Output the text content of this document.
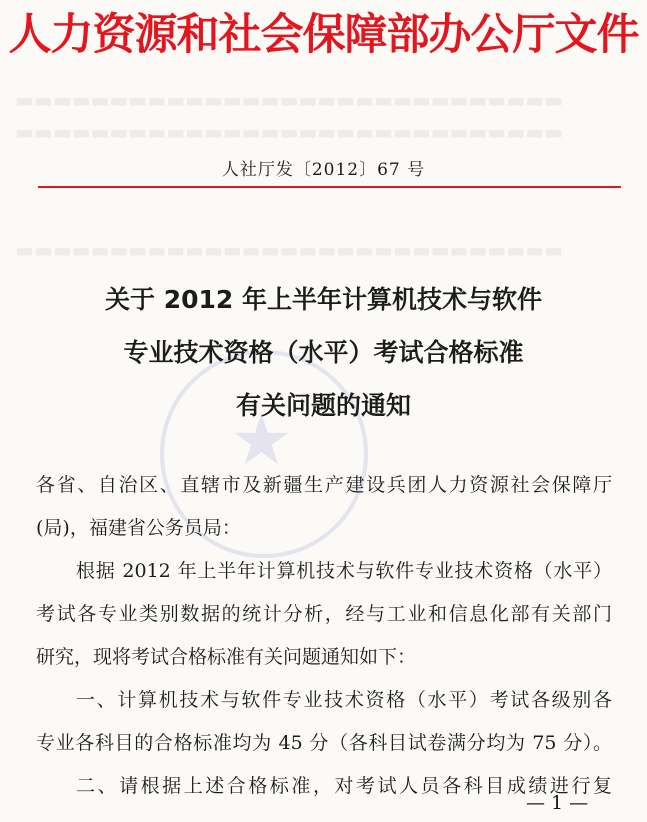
▬▬▬▬▬▬▬▬▬▬▬▬▬▬▬▬▬▬▬▬▬▬▬▬▬▬▬▬▬
▬▬▬▬▬▬▬▬▬▬▬▬▬▬▬▬▬▬▬▬▬▬▬▬▬▬▬▬▬
▬▬▬▬▬▬▬▬▬▬▬▬▬▬▬▬▬▬▬▬▬▬▬▬▬▬▬▬▬
人力资源和社会保障部办公厅文件
人社厅发〔2012〕67 号
★
关于 2012 年上半年计算机技术与软件
专业技术资格（水平）考试合格标准
有关问题的通知
各省、自治区、直辖市及新疆生产建设兵团人力资源社会保障厅
(局)，福建省公务员局：
根据 2012 年上半年计算机技术与软件专业技术资格（水平）
考试各专业类别数据的统计分析，经与工业和信息化部有关部门
研究，现将考试合格标准有关问题通知如下：
一、计算机技术与软件专业技术资格（水平）考试各级别各
专业各科目的合格标准均为 45 分（各科目试卷满分均为 75 分）。
二、请根据上述合格标准，对考试人员各科目成绩进行复
— 1 —
